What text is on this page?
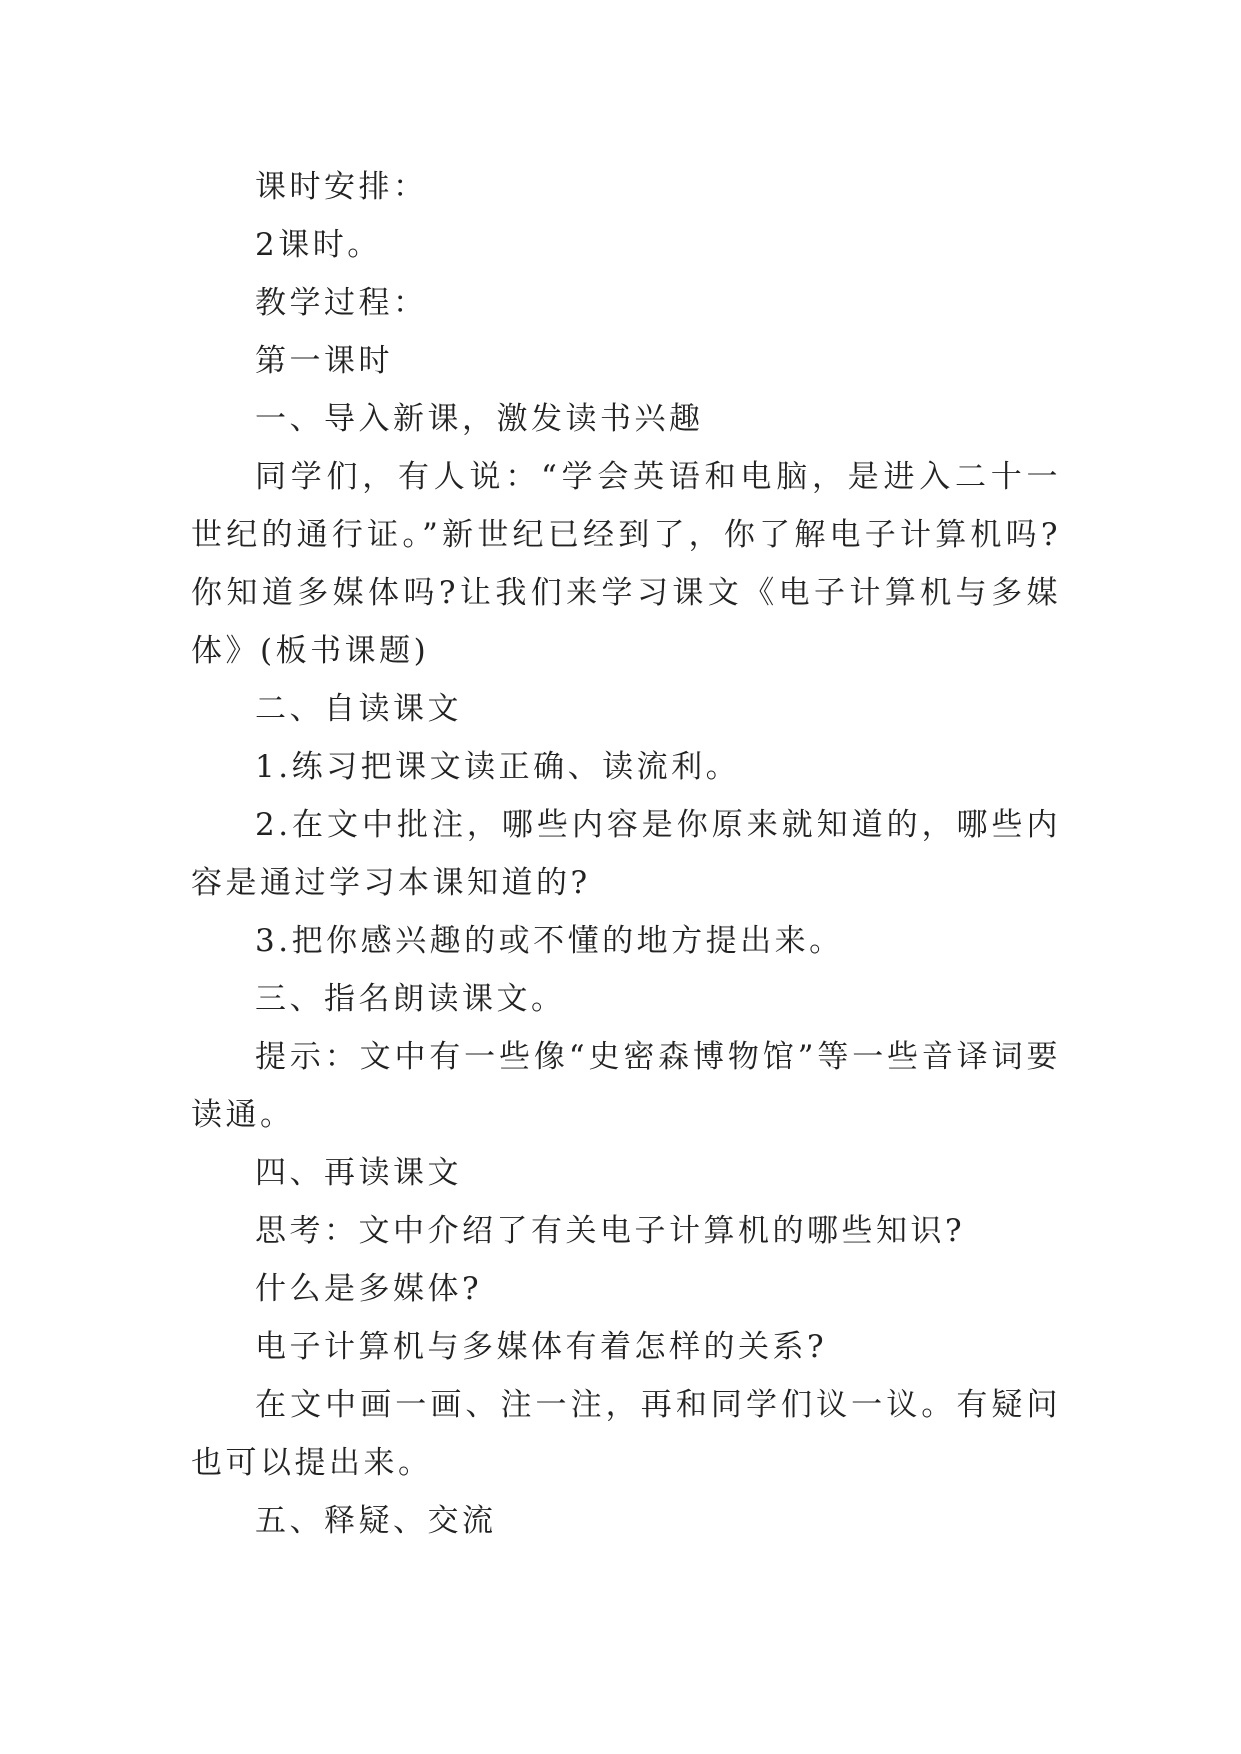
课时安排：

2课时。

教学过程：

第一课时

一、导入新课，激发读书兴趣

同学们，有人说：“学会英语和电脑，是进入二十一世纪的通行证。”新世纪已经到了，你了解电子计算机吗?你知道多媒体吗?让我们来学习课文《电子计算机与多媒体》(板书课题)

二、自读课文

1.练习把课文读正确、读流利。

2.在文中批注，哪些内容是你原来就知道的，哪些内容是通过学习本课知道的?

3.把你感兴趣的或不懂的地方提出来。

三、指名朗读课文。

提示：文中有一些像“史密森博物馆”等一些音译词要读通。

四、再读课文

思考：文中介绍了有关电子计算机的哪些知识?

什么是多媒体?

电子计算机与多媒体有着怎样的关系?

在文中画一画、注一注，再和同学们议一议。有疑问也可以提出来。

五、释疑、交流
